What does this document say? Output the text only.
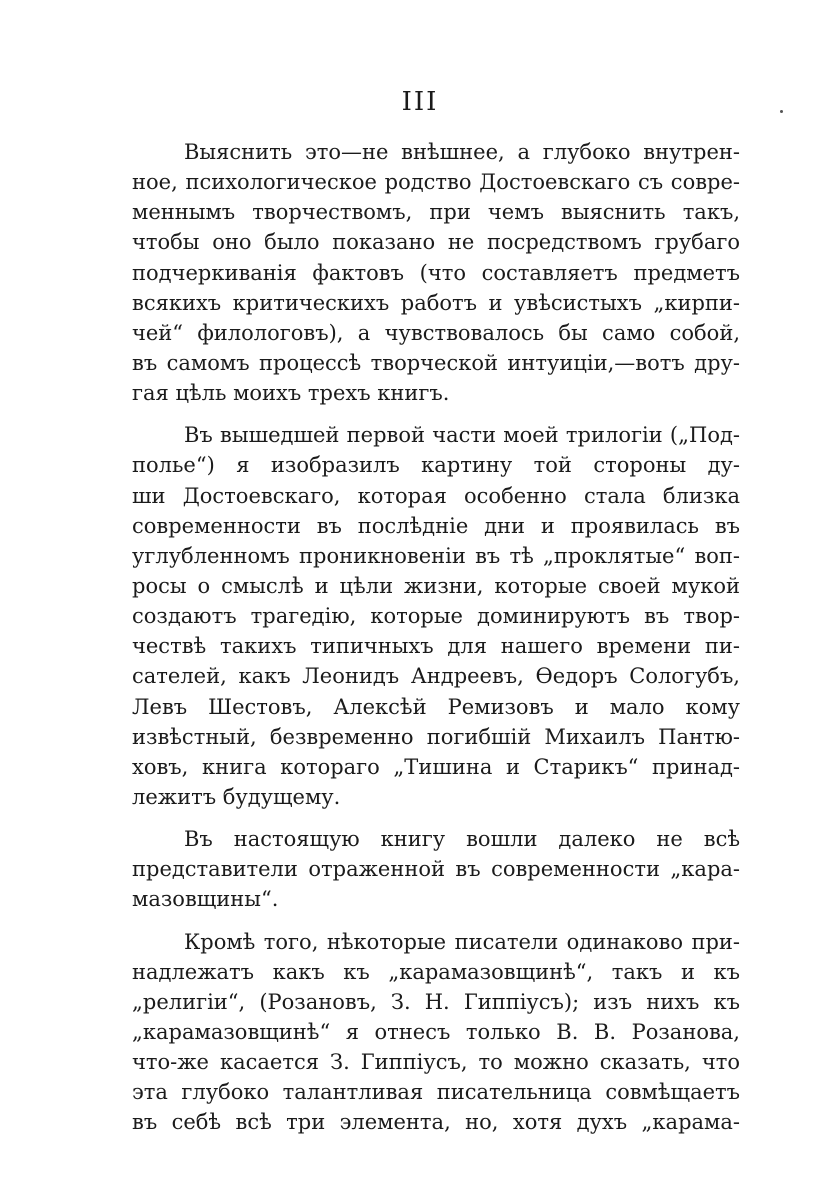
III

Выяснить это—не внѣшнее, а глубоко внутрен-
ное, психологическое родство Достоевскаго съ совре-
меннымъ творчествомъ, при чемъ выяснить такъ,
чтобы оно было показано не посредствомъ грубаго
подчеркиванія фактовъ (что составляетъ предметъ
всякихъ критическихъ работъ и увѣсистыхъ „кирпи-
чей“ филологовъ), а чувствовалось бы само собой,
въ самомъ процессѣ творческой интуиціи,—вотъ дру-
гая цѣль моихъ трехъ книгъ.

Въ вышедшей первой части моей трилогіи („Под-
полье“) я изобразилъ картину той стороны ду-
ши Достоевскаго, которая особенно стала близка
современности въ послѣдніе дни и проявилась въ
углубленномъ проникновеніи въ тѣ „проклятые“ воп-
росы о смыслѣ и цѣли жизни, которые своей мукой
создаютъ трагедію, которые доминируютъ въ твор-
чествѣ такихъ типичныхъ для нашего времени пи-
сателей, какъ Леонидъ Андреевъ, Ѳедоръ Сологубъ,
Левъ Шестовъ, Алексѣй Ремизовъ и мало кому
извѣстный, безвременно погибшій Михаилъ Пантю-
ховъ, книга котораго „Тишина и Старикъ“ принад-
лежитъ будущему.

Въ настоящую книгу вошли далеко не всѣ
представители отраженной въ современности „кара-
мазовщины“.

Кромѣ того, нѣкоторые писатели одинаково при-
надлежатъ какъ къ „карамазовщинѣ“, такъ и къ
„религіи“, (Розановъ, З. Н. Гиппіусъ); изъ нихъ къ
„карамазовщинѣ“ я отнесъ только В. В. Розанова,
что-же касается З. Гиппіусъ, то можно сказать, что
эта глубоко талантливая писательница совмѣщаетъ
въ себѣ всѣ три элемента, но, хотя духъ „карама-
